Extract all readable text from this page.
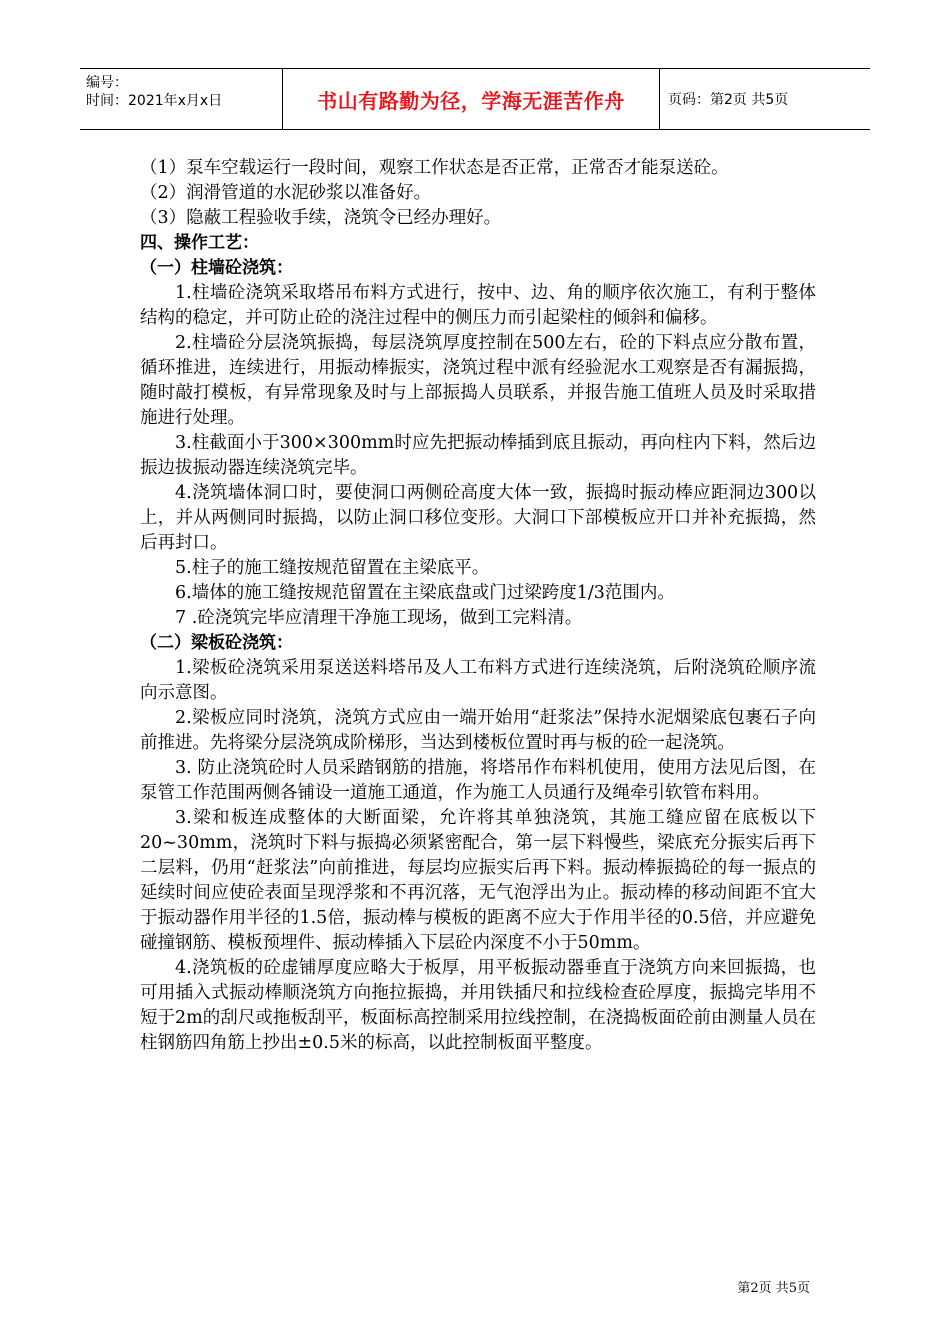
编号：
时间：2021年x月x日	书山有路勤为径，学海无涯苦作舟	页码：第2页 共5页

（1）泵车空载运行一段时间，观察工作状态是否正常，正常否才能泵送砼。

（2）润滑管道的水泥砂浆以准备好。

（3）隐蔽工程验收手续，浇筑令已经办理好。

四、操作工艺：

（一）柱墙砼浇筑：

1.柱墙砼浇筑采取塔吊布料方式进行，按中、边、角的顺序依次施工，有利于整体结构的稳定，并可防止砼的浇注过程中的侧压力而引起梁柱的倾斜和偏移。

2.柱墙砼分层浇筑振捣，每层浇筑厚度控制在500左右，砼的下料点应分散布置，循环推进，连续进行，用振动棒振实，浇筑过程中派有经验泥水工观察是否有漏振捣，随时敲打模板，有异常现象及时与上部振捣人员联系，并报告施工值班人员及时采取措施进行处理。

3.柱截面小于300×300mm时应先把振动棒插到底且振动，再向柱内下料，然后边振边拔振动器连续浇筑完毕。

4.浇筑墙体洞口时，要使洞口两侧砼高度大体一致，振捣时振动棒应距洞边300以上，并从两侧同时振捣，以防止洞口移位变形。大洞口下部模板应开口并补充振捣，然后再封口。

5.柱子的施工缝按规范留置在主梁底平。

6.墙体的施工缝按规范留置在主梁底盘或门过梁跨度1/3范围内。

7 .砼浇筑完毕应清理干净施工现场，做到工完料清。

（二）梁板砼浇筑：

1.梁板砼浇筑采用泵送送料塔吊及人工布料方式进行连续浇筑，后附浇筑砼顺序流向示意图。

2.梁板应同时浇筑，浇筑方式应由一端开始用“赶浆法”保持水泥烟梁底包裹石子向前推进。先将梁分层浇筑成阶梯形，当达到楼板位置时再与板的砼一起浇筑。

3. 防止浇筑砼时人员采踏钢筋的措施，将塔吊作布料机使用，使用方法见后图，在泵管工作范围两侧各铺设一道施工通道，作为施工人员通行及绳牵引软管布料用。

3.梁和板连成整体的大断面梁，允许将其单独浇筑，其施工缝应留在底板以下20~30mm，浇筑时下料与振捣必须紧密配合，第一层下料慢些，梁底充分振实后再下二层料，仍用“赶浆法”向前推进，每层均应振实后再下料。振动棒振捣砼的每一振点的延续时间应使砼表面呈现浮浆和不再沉落，无气泡浮出为止。振动棒的移动间距不宜大于振动器作用半径的1.5倍，振动棒与模板的距离不应大于作用半径的0.5倍，并应避免碰撞钢筋、模板预埋件、振动棒插入下层砼内深度不小于50mm。

4.浇筑板的砼虚铺厚度应略大于板厚，用平板振动器垂直于浇筑方向来回振捣，也可用插入式振动棒顺浇筑方向拖拉振捣，并用铁插尺和拉线检查砼厚度，振捣完毕用不短于2m的刮尺或拖板刮平，板面标高控制采用拉线控制，在浇捣板面砼前由测量人员在柱钢筋四角筋上抄出±0.5米的标高，以此控制板面平整度。

第2页 共5页
